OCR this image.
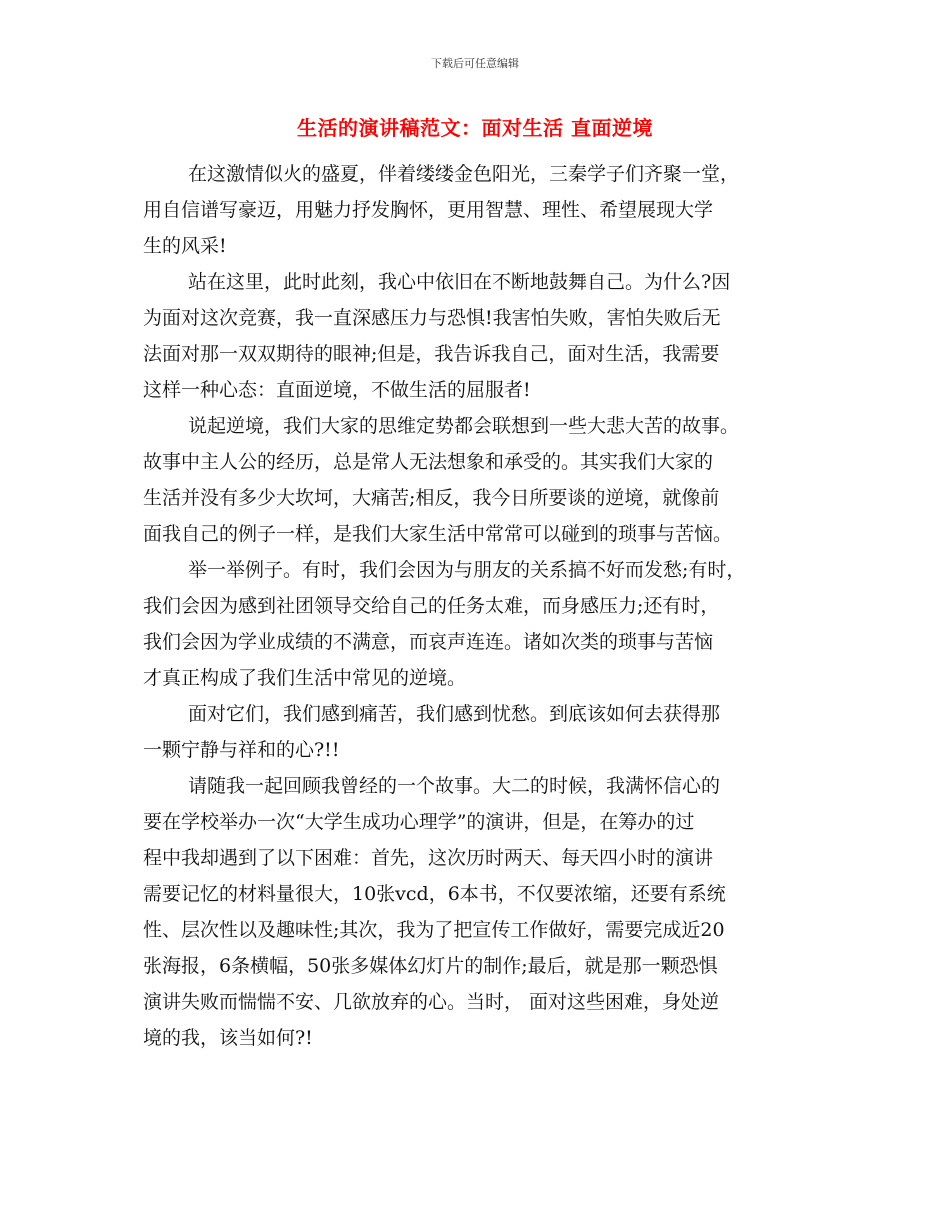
下载后可任意编辑
生活的演讲稿范文：面对生活 直面逆境
在这激情似火的盛夏，伴着缕缕金色阳光，三秦学子们齐聚一堂，
用自信谱写豪迈，用魅力抒发胸怀，更用智慧、理性、希望展现大学
生的风采!
站在这里，此时此刻，我心中依旧在不断地鼓舞自己。为什么?因
为面对这次竞赛，我一直深感压力与恐惧!我害怕失败，害怕失败后无
法面对那一双双期待的眼神;但是，我告诉我自己，面对生活，我需要
这样一种心态：直面逆境，不做生活的屈服者!
说起逆境，我们大家的思维定势都会联想到一些大悲大苦的故事。
故事中主人公的经历，总是常人无法想象和承受的。其实我们大家的
生活并没有多少大坎坷，大痛苦;相反，我今日所要谈的逆境，就像前
面我自己的例子一样，是我们大家生活中常常可以碰到的琐事与苦恼。
举一举例子。有时，我们会因为与朋友的关系搞不好而发愁;有时，
我们会因为感到社团领导交给自己的任务太难，而身感压力;还有时，
我们会因为学业成绩的不满意，而哀声连连。诸如次类的琐事与苦恼
才真正构成了我们生活中常见的逆境。
面对它们，我们感到痛苦，我们感到忧愁。到底该如何去获得那
一颗宁静与祥和的心?!!
请随我一起回顾我曾经的一个故事。大二的时候，我满怀信心的
要在学校举办一次“大学生成功心理学”的演讲，但是，在筹办的过
程中我却遇到了以下困难：首先，这次历时两天、每天四小时的演讲
需要记忆的材料量很大，10张vcd，6本书，不仅要浓缩，还要有系统
性、层次性以及趣味性;其次，我为了把宣传工作做好，需要完成近20
张海报，6条横幅，50张多媒体幻灯片的制作;最后，就是那一颗恐惧
演讲失败而惴惴不安、几欲放弃的心。当时， 面对这些困难，身处逆
境的我，该当如何?!
